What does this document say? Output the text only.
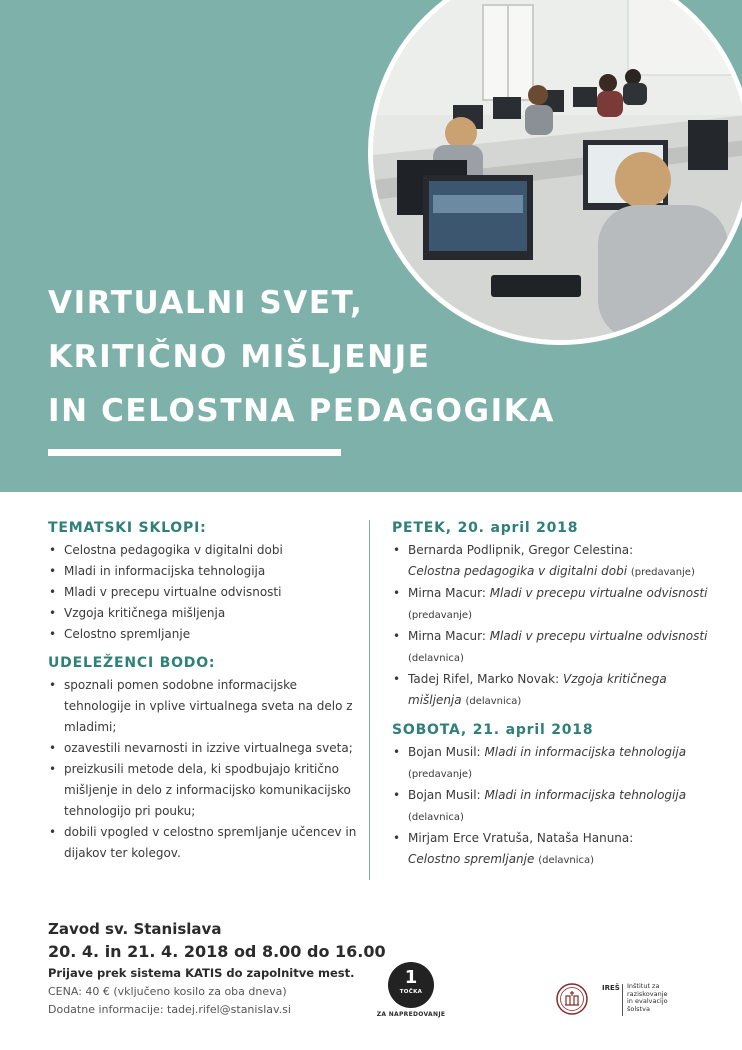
VIRTUALNI SVET,
KRITIČNO MIŠLJENJE
IN CELOSTNA PEDAGOGIKA
TEMATSKI SKLOPI:
• Celostna pedagogika v digitalni dobi
• Mladi in informacijska tehnologija
• Mladi v precepu virtualne odvisnosti
• Vzgoja kritičnega mišljenja
• Celostno spremljanje
UDELEŽENCI BODO:
• spoznali pomen sodobne informacijske tehnologije in vplive virtualnega sveta na delo z mladimi;
• ozavestili nevarnosti in izzive virtualnega sveta;
• preizkusili metode dela, ki spodbujajo kritično mišljenje in delo z informacijsko komunikacijsko tehnologijo pri pouku;
• dobili vpogled v celostno spremljanje učencev in dijakov ter kolegov.
PETEK, 20. april 2018
• Bernarda Podlipnik, Gregor Celestina:
Celostna pedagogika v digitalni dobi (predavanje)
• Mirna Macur: Mladi v precepu virtualne odvisnosti (predavanje)
• Mirna Macur: Mladi v precepu virtualne odvisnosti (delavnica)
• Tadej Rifel, Marko Novak: Vzgoja kritičnega mišljenja (delavnica)
SOBOTA, 21. april 2018
• Bojan Musil: Mladi in informacijska tehnologija (predavanje)
• Bojan Musil: Mladi in informacijska tehnologija (delavnica)
• Mirjam Erce Vratuša, Nataša Hanuna:
Celostno spremljanje (delavnica)
Zavod sv. Stanislava
20. 4. in 21. 4. 2018 od 8.00 do 16.00
Prijave prek sistema KATIS do zapolnitve mest.
CENA: 40 € (vključeno kosilo za oba dneva)
Dodatne informacije: tadej.rifel@stanislav.si
1
TOČKA
ZA NAPREDOVANJE
IREŠ Inštitut za
raziskovanje
in evalvacijo
šolstva
